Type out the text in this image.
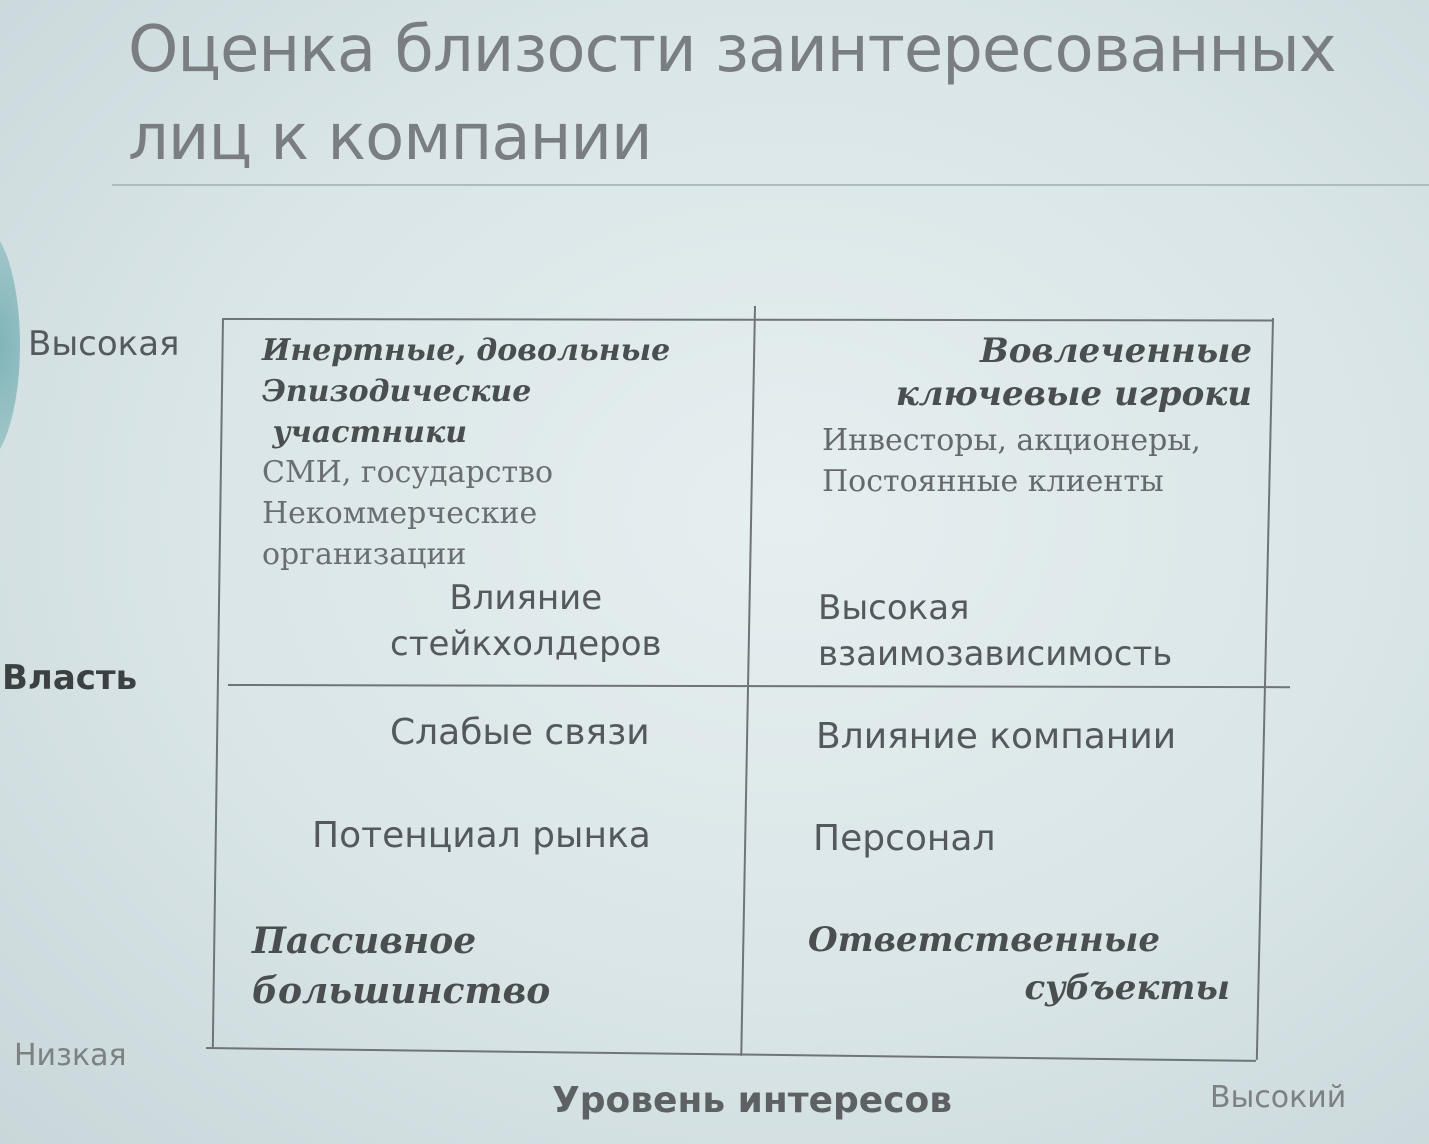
Оценка близости заинтересованных лиц к компании
Высокая
Власть
Низкая
Уровень интересов	Высокий
Инертные, довольные
Эпизодические
участники
СМИ, государство
Некоммерческие
организации
Влияние
стейкхолдеров
Вовлеченные
ключевые игроки
Инвесторы, акционеры,
Постоянные клиенты
Высокая
взаимозависимость
Слабые связи
Потенциал рынка
Пассивное
большинство
Влияние компании
Персонал
Ответственные
субъекты
